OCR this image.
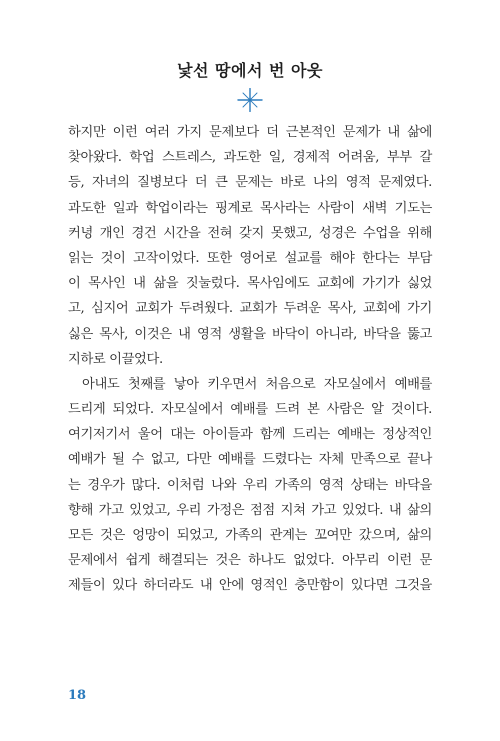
낯선 땅에서 번 아웃
하지만 이런 여러 가지 문제보다 더 근본적인 문제가 내 삶에
찾아왔다. 학업 스트레스, 과도한 일, 경제적 어려움, 부부 갈
등, 자녀의 질병보다 더 큰 문제는 바로 나의 영적 문제였다.
과도한 일과 학업이라는 핑계로 목사라는 사람이 새벽 기도는
커녕 개인 경건 시간을 전혀 갖지 못했고, 성경은 수업을 위해
읽는 것이 고작이었다. 또한 영어로 설교를 해야 한다는 부담
이 목사인 내 삶을 짓눌렀다. 목사임에도 교회에 가기가 싫었
고, 심지어 교회가 두려웠다. 교회가 두려운 목사, 교회에 가기
싫은 목사, 이것은 내 영적 생활을 바닥이 아니라, 바닥을 뚫고
지하로 이끌었다.
아내도 첫째를 낳아 키우면서 처음으로 자모실에서 예배를
드리게 되었다. 자모실에서 예배를 드려 본 사람은 알 것이다.
여기저기서 울어 대는 아이들과 함께 드리는 예배는 정상적인
예배가 될 수 없고, 다만 예배를 드렸다는 자체 만족으로 끝나
는 경우가 많다. 이처럼 나와 우리 가족의 영적 상태는 바닥을
향해 가고 있었고, 우리 가정은 점점 지쳐 가고 있었다. 내 삶의
모든 것은 엉망이 되었고, 가족의 관계는 꼬여만 갔으며, 삶의
문제에서 쉽게 해결되는 것은 하나도 없었다. 아무리 이런 문
제들이 있다 하더라도 내 안에 영적인 충만함이 있다면 그것을
18
